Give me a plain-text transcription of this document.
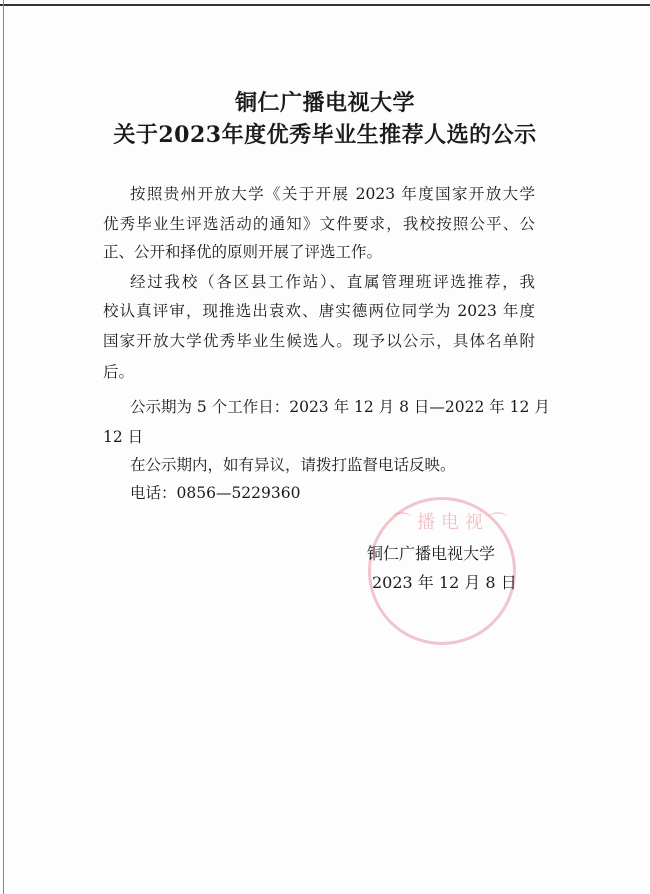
铜仁广播电视大学
关于2023年度优秀毕业生推荐人选的公示
按照贵州开放大学《关于开展 2023 年度国家开放大学
优秀毕业生评选活动的通知》文件要求，我校按照公平、公
正、公开和择优的原则开展了评选工作。
经过我校（各区县工作站）、直属管理班评选推荐，我
校认真评审，现推选出袁欢、唐实德两位同学为 2023 年度
国家开放大学优秀毕业生候选人。现予以公示，具体名单附
后。
公示期为 5 个工作日：2023 年 12 月 8 日—2022 年 12 月
12 日
在公示期内，如有异议，请拨打监督电话反映。
电话：0856—5229360
⌒播电视⌒
铜仁广播电视大学
2023 年 12 月 8 日
